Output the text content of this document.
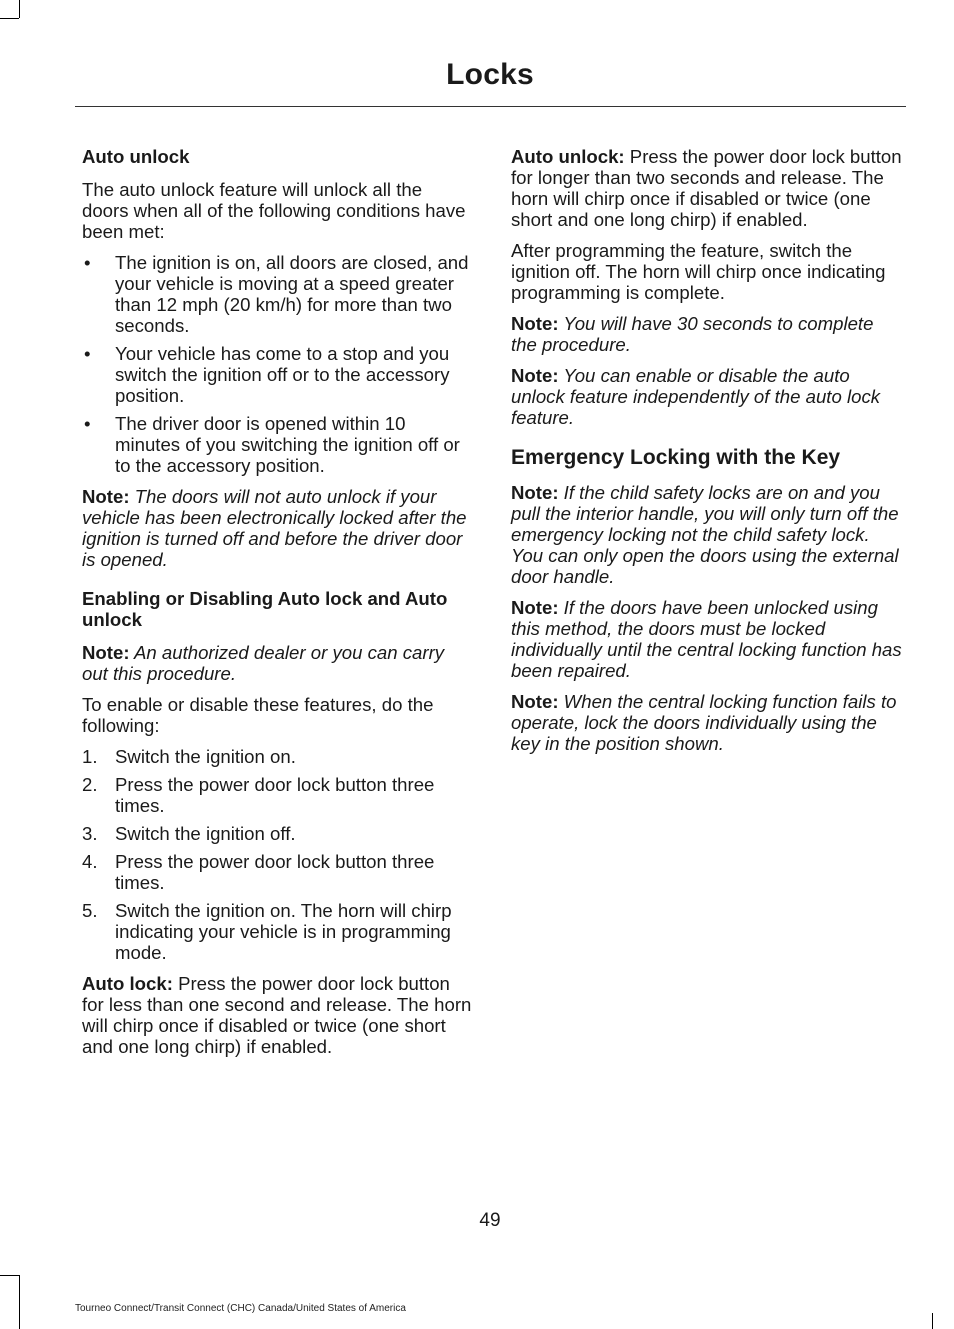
Locks
Auto unlock

The auto unlock feature will unlock all the doors when all of the following conditions have been met:

• The ignition is on, all doors are closed, and your vehicle is moving at a speed greater than 12 mph (20 km/h) for more than two seconds.
• Your vehicle has come to a stop and you switch the ignition off or to the accessory position.
• The driver door is opened within 10 minutes of you switching the ignition off or to the accessory position.

Note: The doors will not auto unlock if your vehicle has been electronically locked after the ignition is turned off and before the driver door is opened.

Enabling or Disabling Auto lock and Auto unlock

Note: An authorized dealer or you can carry out this procedure.

To enable or disable these features, do the following:

1. Switch the ignition on.
2. Press the power door lock button three times.
3. Switch the ignition off.
4. Press the power door lock button three times.
5. Switch the ignition on. The horn will chirp indicating your vehicle is in programming mode.

Auto lock: Press the power door lock button for less than one second and release. The horn will chirp once if disabled or twice (one short and one long chirp) if enabled.

Auto unlock: Press the power door lock button for longer than two seconds and release. The horn will chirp once if disabled or twice (one short and one long chirp) if enabled.

After programming the feature, switch the ignition off. The horn will chirp once indicating programming is complete.

Note: You will have 30 seconds to complete the procedure.

Note: You can enable or disable the auto unlock feature independently of the auto lock feature.

Emergency Locking with the Key

Note: If the child safety locks are on and you pull the interior handle, you will only turn off the emergency locking not the child safety lock. You can only open the doors using the external door handle.

Note: If the doors have been unlocked using this method, the doors must be locked individually until the central locking function has been repaired.

Note: When the central locking function fails to operate, lock the doors individually using the key in the position shown.

49
Tourneo Connect/Transit Connect (CHC) Canada/United States of America
